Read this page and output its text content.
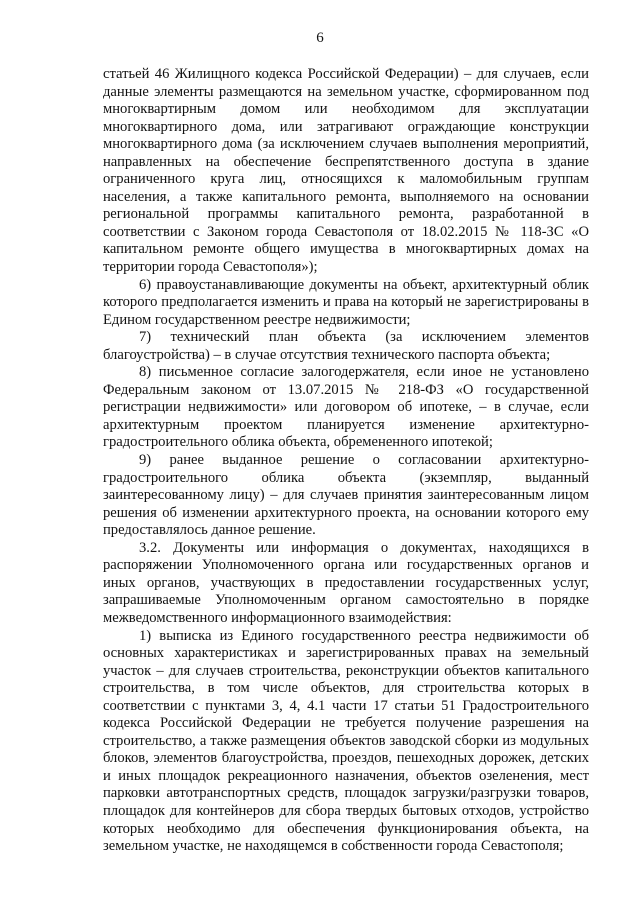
6

статьей 46 Жилищного кодекса Российской Федерации) – для случаев, если данные элементы размещаются на земельном участке, сформированном под многоквартирным домом или необходимом для эксплуатации многоквартирного дома, или затрагивают ограждающие конструкции многоквартирного дома (за исключением случаев выполнения мероприятий, направленных на обеспечение беспрепятственного доступа в здание ограниченного круга лиц, относящихся к маломобильным группам населения, а также капитального ремонта, выполняемого на основании региональной программы капитального ремонта, разработанной в соответствии с Законом города Севастополя от 18.02.2015 № 118-ЗС «О капитальном ремонте общего имущества в многоквартирных домах на территории города Севастополя»);

6) правоустанавливающие документы на объект, архитектурный облик которого предполагается изменить и права на который не зарегистрированы в Едином государственном реестре недвижимости;

7) технический план объекта (за исключением элементов благоустройства) – в случае отсутствия технического паспорта объекта;

8) письменное согласие залогодержателя, если иное не установлено Федеральным законом от 13.07.2015 № 218-ФЗ «О государственной регистрации недвижимости» или договором об ипотеке, – в случае, если архитектурным проектом планируется изменение архитектурно-градостроительного облика объекта, обремененного ипотекой;

9) ранее выданное решение о согласовании архитектурно-градостроительного облика объекта (экземпляр, выданный заинтересованному лицу) – для случаев принятия заинтересованным лицом решения об изменении архитектурного проекта, на основании которого ему предоставлялось данное решение.

3.2. Документы или информация о документах, находящихся в распоряжении Уполномоченного органа или государственных органов и иных органов, участвующих в предоставлении государственных услуг, запрашиваемые Уполномоченным органом самостоятельно в порядке межведомственного информационного взаимодействия:

1) выписка из Единого государственного реестра недвижимости об основных характеристиках и зарегистрированных правах на земельный участок – для случаев строительства, реконструкции объектов капитального строительства, в том числе объектов, для строительства которых в соответствии с пунктами 3, 4, 4.1 части 17 статьи 51 Градостроительного кодекса Российской Федерации не требуется получение разрешения на строительство, а также размещения объектов заводской сборки из модульных блоков, элементов благоустройства, проездов, пешеходных дорожек, детских и иных площадок рекреационного назначения, объектов озеленения, мест парковки автотранспортных средств, площадок загрузки/разгрузки товаров, площадок для контейнеров для сбора твердых бытовых отходов, устройство которых необходимо для обеспечения функционирования объекта, на земельном участке, не находящемся в собственности города Севастополя;
